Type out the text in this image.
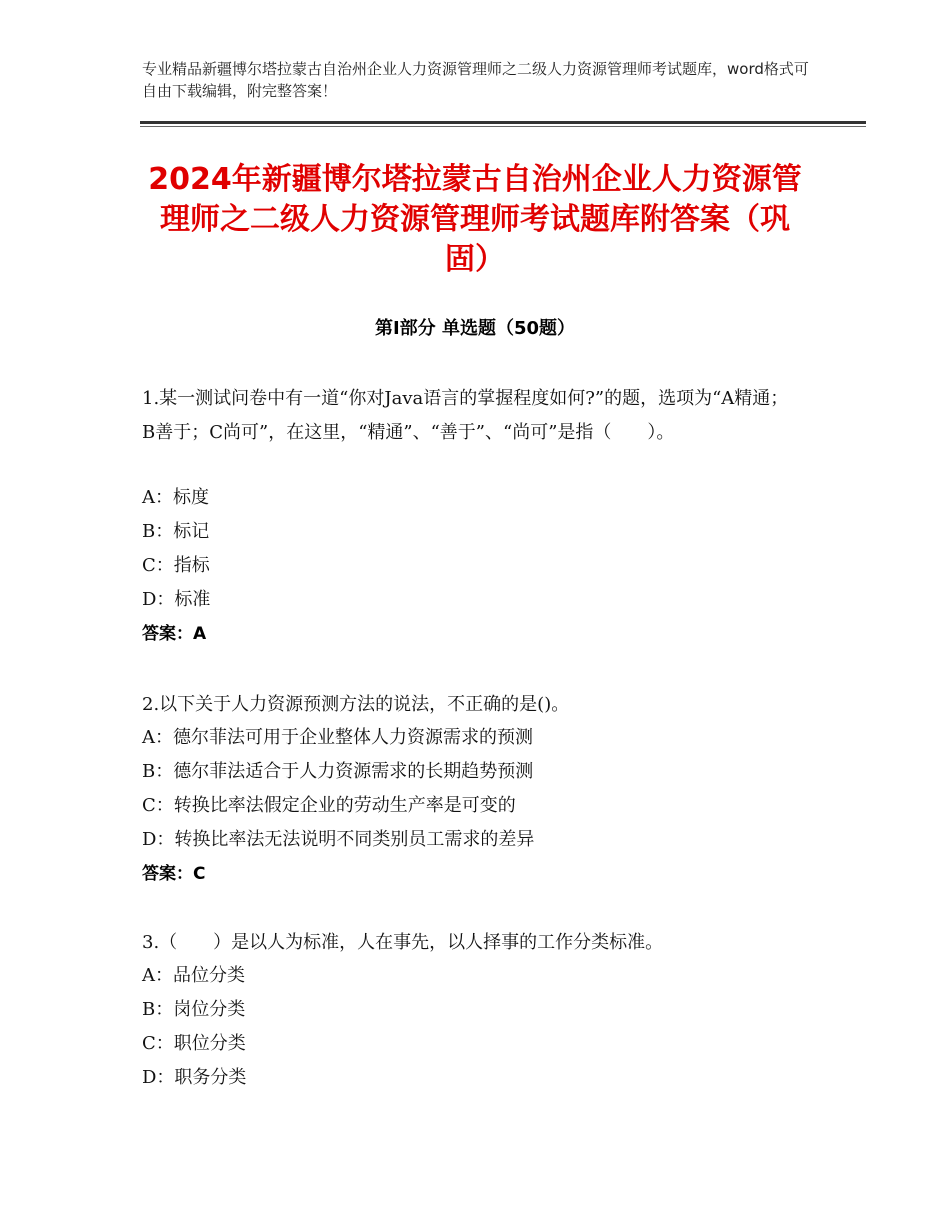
专业精品新疆博尔塔拉蒙古自治州企业人力资源管理师之二级人力资源管理师考试题库，word格式可自由下载编辑，附完整答案！
2024年新疆博尔塔拉蒙古自治州企业人力资源管理师之二级人力资源管理师考试题库附答案（巩固）
第Ⅰ部分 单选题（50题）
1.某一测试问卷中有一道“你对Java语言的掌握程度如何?”的题，选项为“A精通；B善于；C尚可”，在这里，“精通”、“善于”、“尚可”是指（　　）。
A：标度
B：标记
C：指标
D：标准
答案：A
2.以下关于人力资源预测方法的说法，不正确的是()。
A：德尔菲法可用于企业整体人力资源需求的预测
B：德尔菲法适合于人力资源需求的长期趋势预测
C：转换比率法假定企业的劳动生产率是可变的
D：转换比率法无法说明不同类别员工需求的差异
答案：C
3.（　　）是以人为标准，人在事先，以人择事的工作分类标准。
A：品位分类
B：岗位分类
C：职位分类
D：职务分类
